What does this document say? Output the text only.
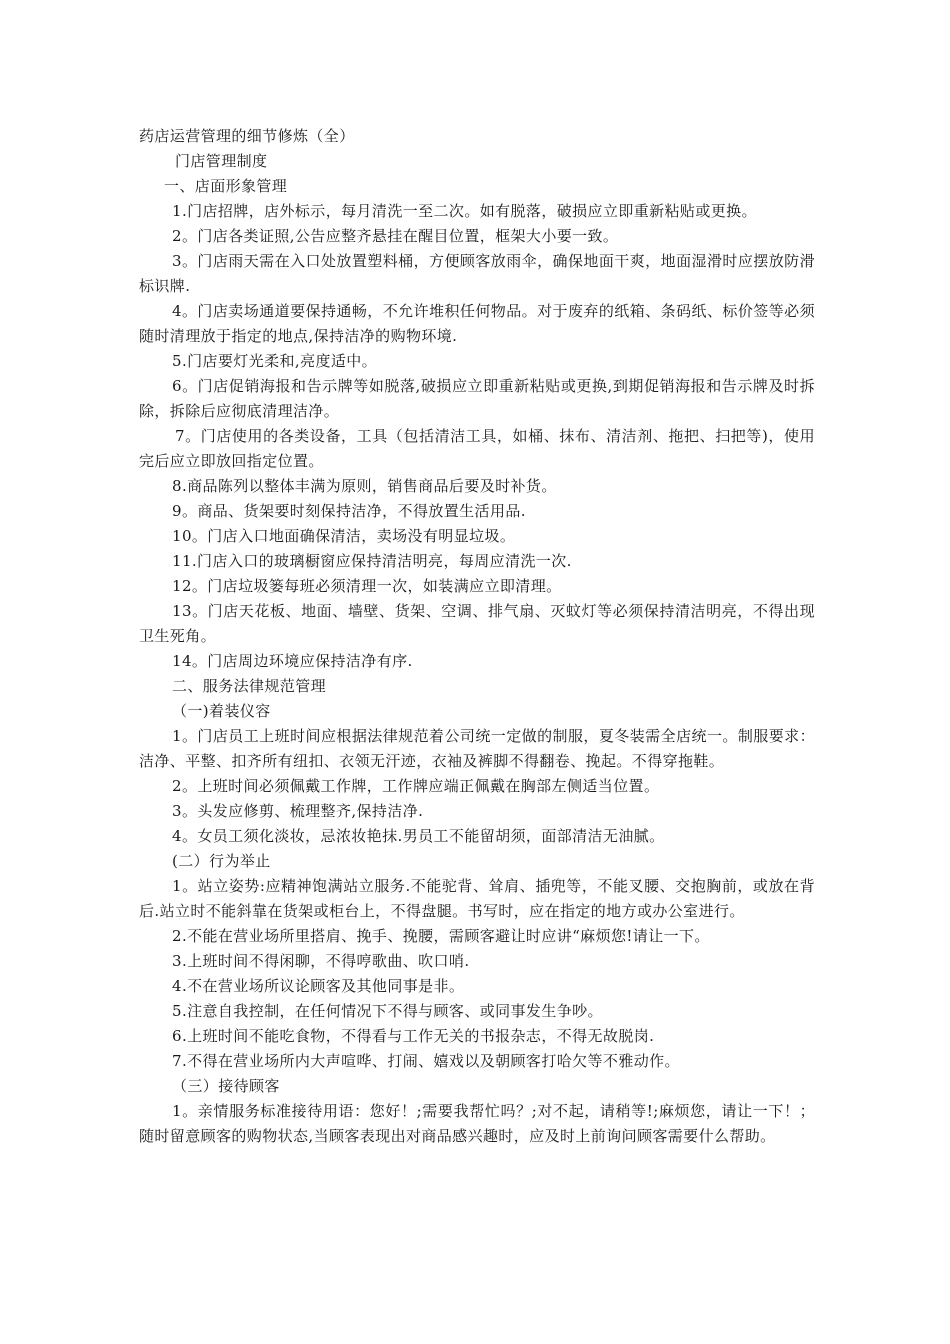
药店运营管理的细节修炼（全）
门店管理制度
一、店面形象管理
1.门店招牌，店外标示，每月清洗一至二次。如有脱落，破损应立即重新粘贴或更换。
2。门店各类证照,公告应整齐悬挂在醒目位置，框架大小要一致。
3。门店雨天需在入口处放置塑料桶，方便顾客放雨伞，确保地面干爽，地面湿滑时应摆放防滑标识牌.
4。门店卖场通道要保持通畅，不允许堆积任何物品。对于废弃的纸箱、条码纸、标价签等必须随时清理放于指定的地点,保持洁净的购物环境.
5.门店要灯光柔和,亮度适中。
6。门店促销海报和告示牌等如脱落,破损应立即重新粘贴或更换,到期促销海报和告示牌及时拆除，拆除后应彻底清理洁净。
7。门店使用的各类设备，工具（包括清洁工具，如桶、抹布、清洁剂、拖把、扫把等)，使用完后应立即放回指定位置。
8.商品陈列以整体丰满为原则，销售商品后要及时补货。
9。商品、货架要时刻保持洁净，不得放置生活用品.
10。门店入口地面确保清洁，卖场没有明显垃圾。
11.门店入口的玻璃橱窗应保持清洁明亮，每周应清洗一次.
12。门店垃圾篓每班必须清理一次，如装满应立即清理。
13。门店天花板、地面、墙壁、货架、空调、排气扇、灭蚊灯等必须保持清洁明亮，不得出现卫生死角。
14。门店周边环境应保持洁净有序.
二、服务法律规范管理
（一)着装仪容
1。门店员工上班时间应根据法律规范着公司统一定做的制服，夏冬装需全店统一。制服要求：洁净、平整、扣齐所有纽扣、衣领无汗迹，衣袖及裤脚不得翻卷、挽起。不得穿拖鞋。
2。上班时间必须佩戴工作牌，工作牌应端正佩戴在胸部左侧适当位置。
3。头发应修剪、梳理整齐,保持洁净.
4。女员工须化淡妆，忌浓妆艳抹.男员工不能留胡须，面部清洁无油腻。
(二）行为举止
1。站立姿势:应精神饱满站立服务.不能驼背、耸肩、插兜等，不能叉腰、交抱胸前，或放在背后.站立时不能斜靠在货架或柜台上，不得盘腿。书写时，应在指定的地方或办公室进行。
2.不能在营业场所里搭肩、挽手、挽腰，需顾客避让时应讲“麻烦您!请让一下。
3.上班时间不得闲聊，不得哼歌曲、吹口哨.
4.不在营业场所议论顾客及其他同事是非。
5.注意自我控制，在任何情况下不得与顾客、或同事发生争吵。
6.上班时间不能吃食物，不得看与工作无关的书报杂志，不得无故脱岗.
7.不得在营业场所内大声喧哗、打闹、嬉戏以及朝顾客打哈欠等不雅动作。
（三）接待顾客
1。亲情服务标准接待用语：您好！;需要我帮忙吗？;对不起，请稍等!;麻烦您，请让一下！；随时留意顾客的购物状态,当顾客表现出对商品感兴趣时，应及时上前询问顾客需要什么帮助。
